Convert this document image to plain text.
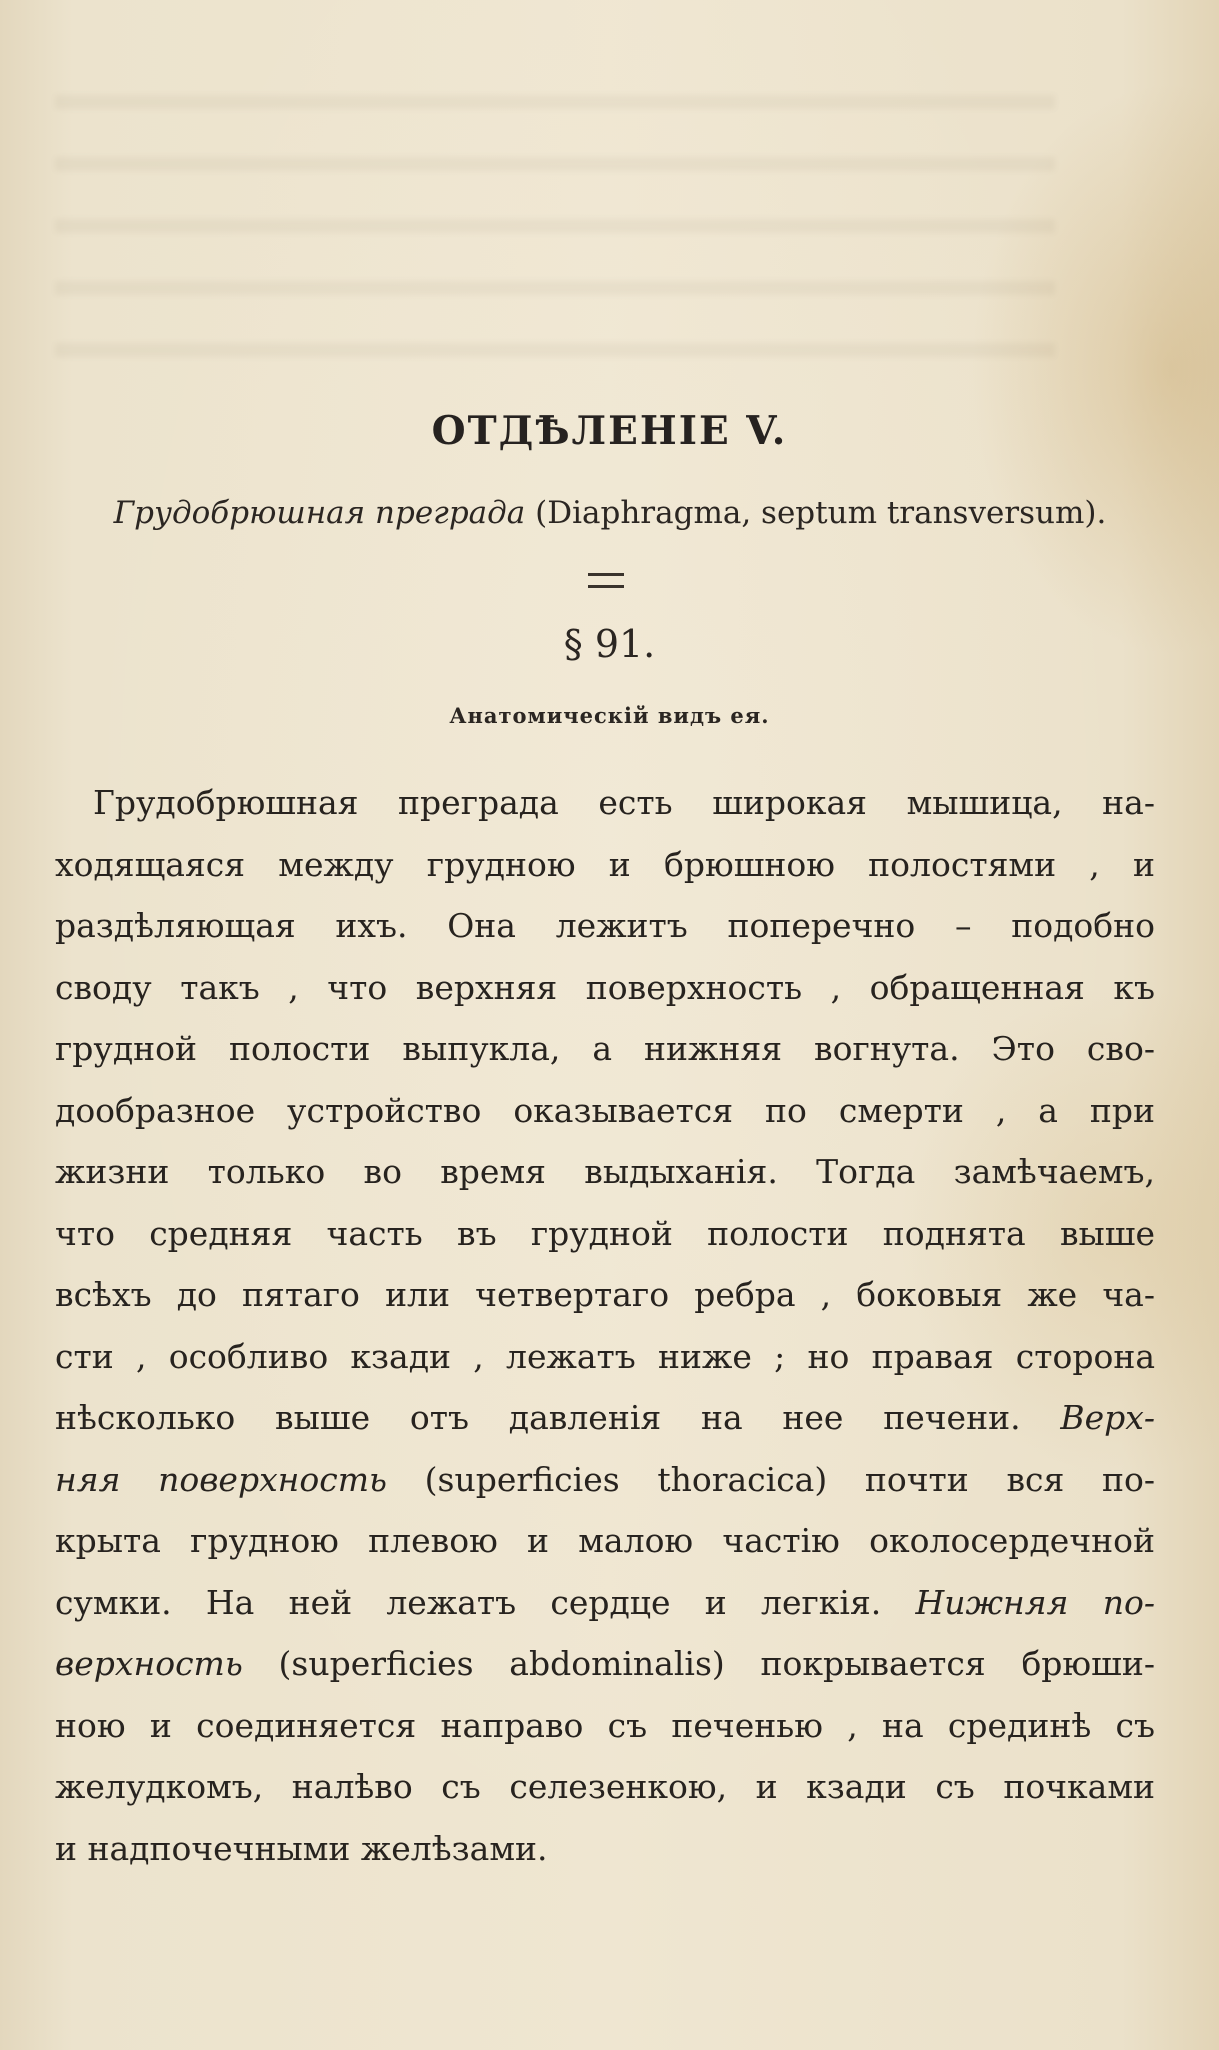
ОТДѢЛЕНІЕ V.
Грудобрюшная преграда (Diaphragma, septum transversum).
§ 91.
Анатомическій видъ ея.
Грудобрюшная преграда есть широкая мышица, на-
ходящаяся между грудною и брюшною полостями , и
раздѣляющая ихъ. Она лежитъ поперечно – подобно
своду такъ , что верхняя поверхность , обращенная къ
грудной полости выпукла, а нижняя вогнута. Это сво-
дообразное устройство оказывается по смерти , а при
жизни только во время выдыханія. Тогда замѣчаемъ,
что средняя часть въ грудной полости поднята выше
всѣхъ до пятаго или четвертаго ребра , боковыя же ча-
сти , особливо кзади , лежатъ ниже ; но правая сторона
нѣсколько выше отъ давленія на нее печени. Верх-
няя поверхность (superficies thoracica) почти вся по-
крыта грудною плевою и малою частію околосердечной
сумки. На ней лежатъ сердце и легкія. Нижняя по-
верхность (superficies abdominalis) покрывается брюши-
ною и соединяется направо съ печенью , на срединѣ съ
желудкомъ, налѣво съ селезенкою, и кзади съ почками
и надпочечными желѣзами.
